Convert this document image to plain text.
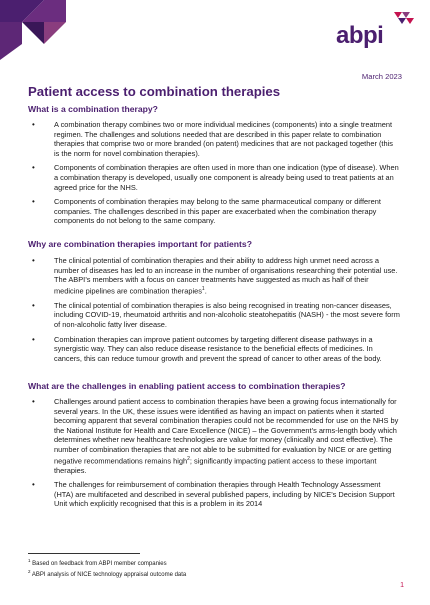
abpi
March 2023
Patient access to combination therapies
What is a combination therapy?
• A combination therapy combines two or more individual medicines (components) into a single treatment regimen. The challenges and solutions needed that are described in this paper relate to combination therapies that comprise two or more branded (on patent) medicines that are not packaged together (this is the norm for novel combination therapies).
• Components of combination therapies are often used in more than one indication (type of disease). When a combination therapy is developed, usually one component is already being used to treat patients at an agreed price for the NHS.
• Components of combination therapies may belong to the same pharmaceutical company or different companies. The challenges described in this paper are exacerbated when the combination therapy components do not belong to the same company.
Why are combination therapies important for patients?
• The clinical potential of combination therapies and their ability to address high unmet need across a number of diseases has led to an increase in the number of organisations researching their potential use. The ABPI’s members with a focus on cancer treatments have suggested as much as half of their medicine pipelines are combination therapies$^1$.
• The clinical potential of combination therapies is also being recognised in treating non-cancer diseases, including COVID-19, rheumatoid arthritis and non-alcoholic steatohepatitis (NASH) - the most severe form of non-alcoholic fatty liver disease.
• Combination therapies can improve patient outcomes by targeting different disease pathways in a synergistic way. They can also reduce disease resistance to the beneficial effects of medicines. In cancers, this can reduce tumour growth and prevent the spread of cancer to other areas of the body.
What are the challenges in enabling patient access to combination therapies?
• Challenges around patient access to combination therapies have been a growing focus internationally for several years. In the UK, these issues were identified as having an impact on patients when it started becoming apparent that several combination therapies could not be recommended for use on the NHS by the National Institute for Health and Care Excellence (NICE) – the Government’s arms-length body which determines whether new healthcare technologies are value for money (clinically and cost effective). The number of combination therapies that are not able to be submitted for evaluation by NICE or are getting negative recommendations remains high$^2$; significantly impacting patient access to these important therapies.
• The challenges for reimbursement of combination therapies through Health Technology Assessment (HTA) are multifaceted and described in several published papers, including by NICE’s Decision Support Unit which explicitly recognised that this is a problem in its 2014
$^1$ Based on feedback from ABPI member companies
$^2$ ABPI analysis of NICE technology appraisal outcome data
1
